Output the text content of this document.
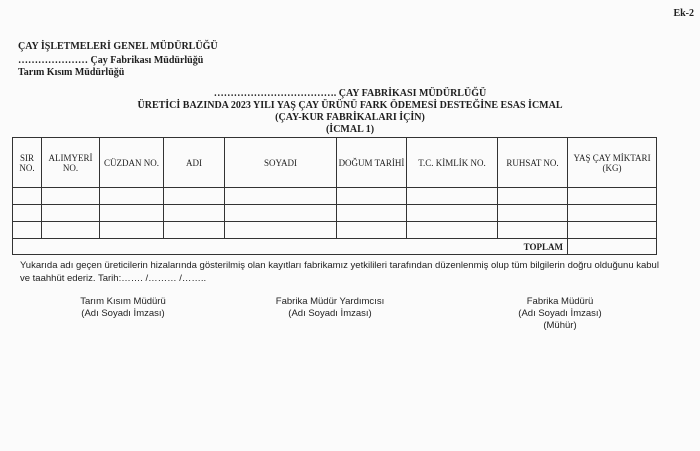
Ek-2
ÇAY İŞLETMELERİ GENEL MÜDÜRLÜĞÜ
………………… Çay Fabrikası Müdürlüğü
Tarım Kısım Müdürlüğü
………………………………. ÇAY FABRİKASI MÜDÜRLÜĞÜ
ÜRETİCİ BAZINDA 2023 YILI YAŞ ÇAY ÜRÜNÜ FARK ÖDEMESİ DESTEĞİNE ESAS İCMAL
(ÇAY-KUR FABRİKALARI İÇİN)
(İCMAL 1)
SIR NO.	ALIMYERİ NO.	CÜZDAN NO.	ADI	SOYADI	DOĞUM TARİHİ	T.C. KİMLİK NO.	RUHSAT NO.	YAŞ ÇAY MİKTARI (KG)

TOPLAM								
Yukarıda adı geçen üreticilerin hizalarında gösterilmiş olan kayıtları fabrikamız yetkilileri tarafından düzenlenmiş olup tüm bilgilerin doğru olduğunu kabul ve taahhüt ederiz. Tarih:……. /……… /……..
Tarım Kısım Müdürü
(Adı Soyadı İmzası)
Fabrika Müdür Yardımcısı
(Adı Soyadı İmzası)
Fabrika Müdürü
(Adı Soyadı İmzası)
(Mühür)
